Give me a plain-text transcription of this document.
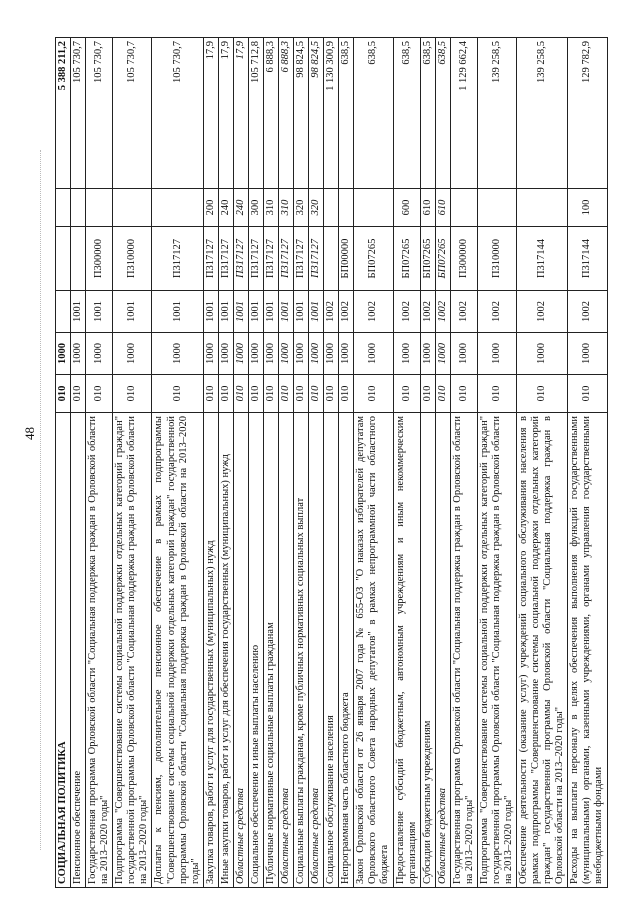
48
СОЦИАЛЬНАЯ ПОЛИТИКА	010	1000				5 388 211,2
Пенсионное обеспечение	010	1000	1001			105 730,7
Государственная программа Орловской области "Социальная поддержка граждан в Орловской области на 2013–2020 годы"	010	1000	1001	П300000		105 730,7
Подпрограмма "Совершенствование системы социальной поддержки отдельных категорий граждан" государственной программы Орловской области "Социальная поддержка граждан в Орловской области на 2013–2020 годы"	010	1000	1001	П310000		105 730,7
Доплаты к пенсиям, дополнительное пенсионное обеспечение в рамках подпрограммы "Совершенствование системы социальной поддержки отдельных категорий граждан" государственной программы Орловской области "Социальная поддержка граждан в Орловской области на 2013–2020 годы"	010	1000	1001	П317127		105 730,7
Закупка товаров, работ и услуг для государственных (муниципальных) нужд	010	1000	1001	П317127	200	17,9
Иные закупки товаров, работ и услуг для обеспечения государственных (муниципальных) нужд	010	1000	1001	П317127	240	17,9
Областные средства	010	1000	1001	П317127	240	17,9
Социальное обеспечение и иные выплаты населению	010	1000	1001	П317127	300	105 712,8
Публичные нормативные социальные выплаты гражданам	010	1000	1001	П317127	310	6 888,3
Областные средства	010	1000	1001	П317127	310	6 888,3
Социальные выплаты гражданам, кроме публичных нормативных социальных выплат	010	1000	1001	П317127	320	98 824,5
Областные средства	010	1000	1001	П317127	320	98 824,5
Социальное обслуживание населения	010	1000	1002			1 130 300,9
Непрограммная часть областного бюджета	010	1000	1002	БП00000		638,5
Закон Орловской области от 26 января 2007 года № 655-ОЗ "О наказах избирателей депутатам Орловского областного Совета народных депутатов" в рамках непрограммной части областного бюджета	010	1000	1002	БП07265		638,5
Предоставление субсидий бюджетным, автономным учреждениям и иным некоммерческим организациям	010	1000	1002	БП07265	600	638,5
Субсидии бюджетным учреждениям	010	1000	1002	БП07265	610	638,5
Областные средства	010	1000	1002	БП07265	610	638,5
Государственная программа Орловской области "Социальная поддержка граждан в Орловской области на 2013–2020 годы"	010	1000	1002	П300000		1 129 662,4
Подпрограмма "Совершенствование системы социальной поддержки отдельных категорий граждан" государственной программы Орловской области "Социальная поддержка граждан в Орловской области на 2013–2020 годы"	010	1000	1002	П310000		139 258,5
Обеспечение деятельности (оказание услуг) учреждений социального обслуживания населения в рамках подпрограммы "Совершенствование системы социальной поддержки отдельных категорий граждан" государственной программы Орловской области "Социальная поддержка граждан в Орловской области на 2013–2020 годы"	010	1000	1002	П317144		139 258,5
Расходы на выплаты персоналу в целях обеспечения выполнения функций государственными (муниципальными) органами, казенными учреждениями, органами управления государственными внебюджетными фондами	010	1000	1002	П317144	100	129 782,9
